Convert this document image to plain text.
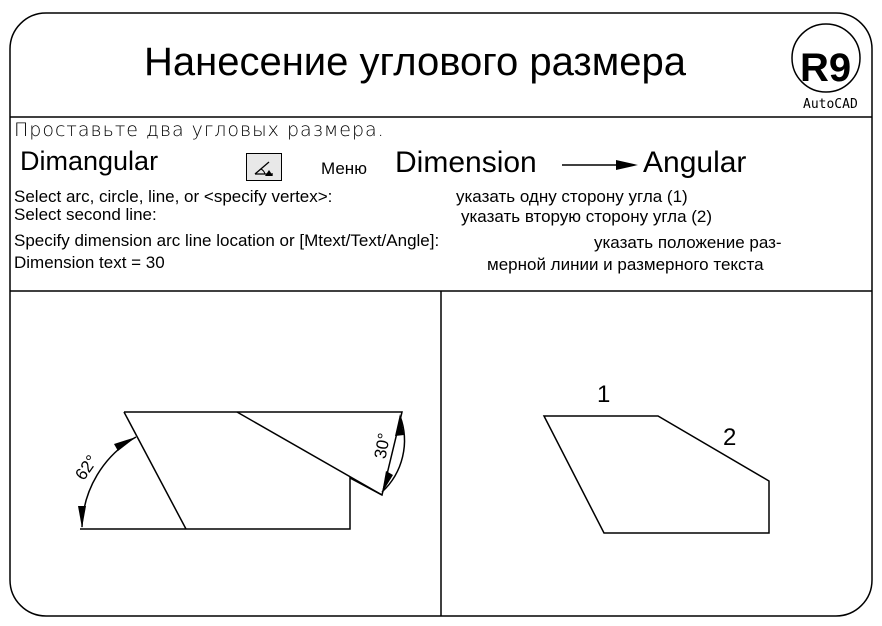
Нанесение углового размера	R9
AutoCAD
Проставьте два угловых размера.
Dimangular	Меню Dimension	Angular
Select arc, circle, line, or <specify vertex>:	указать одну сторону угла (1)
Select second line:	указать вторую сторону угла (2)
Specify dimension arc line location or [Mtext/Text/Angle]:	указать положение раз-
Dimension text = 30	мерной линии и размерного текста
62°
30°
1
2
